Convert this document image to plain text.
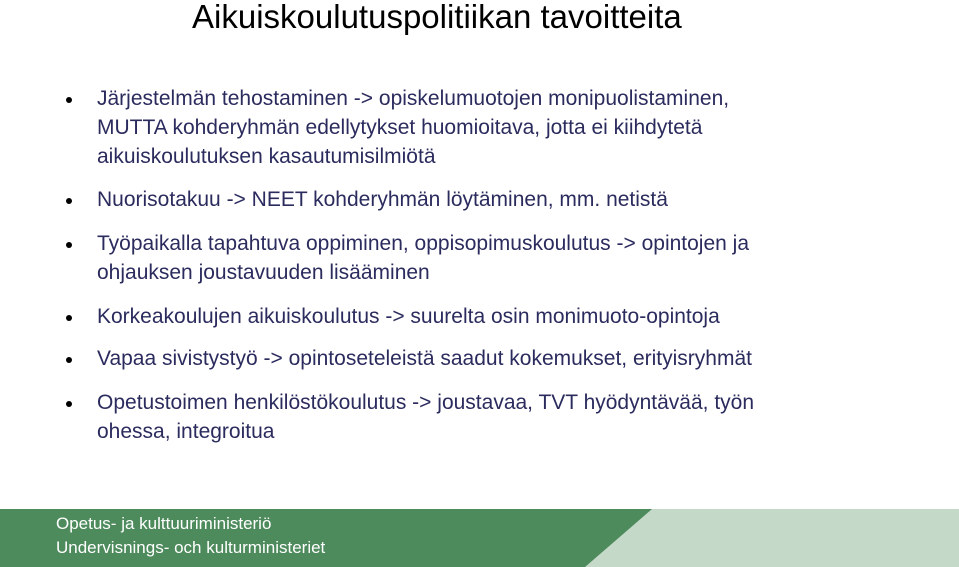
Aikuiskoulutuspolitiikan tavoitteita

Järjestelmän tehostaminen -> opiskelumuotojen monipuolistaminen,
MUTTA kohderyhmän edellytykset huomioitava, jotta ei kiihdytetä
aikuiskoulutuksen kasautumisilmiötä

Nuorisotakuu -> NEET kohderyhmän löytäminen, mm. netistä

Työpaikalla tapahtuva oppiminen, oppisopimuskoulutus -> opintojen ja
ohjauksen joustavuuden lisääminen

Korkeakoulujen aikuiskoulutus -> suurelta osin monimuoto-opintoja

Vapaa sivistystyö -> opintoseteleistä saadut kokemukset, erityisryhmät

Opetustoimen henkilöstökoulutus -> joustavaa, TVT hyödyntävää, työn
ohessa, integroitua

Opetus- ja kulttuuriministeriö
Undervisnings- och kulturministeriet
